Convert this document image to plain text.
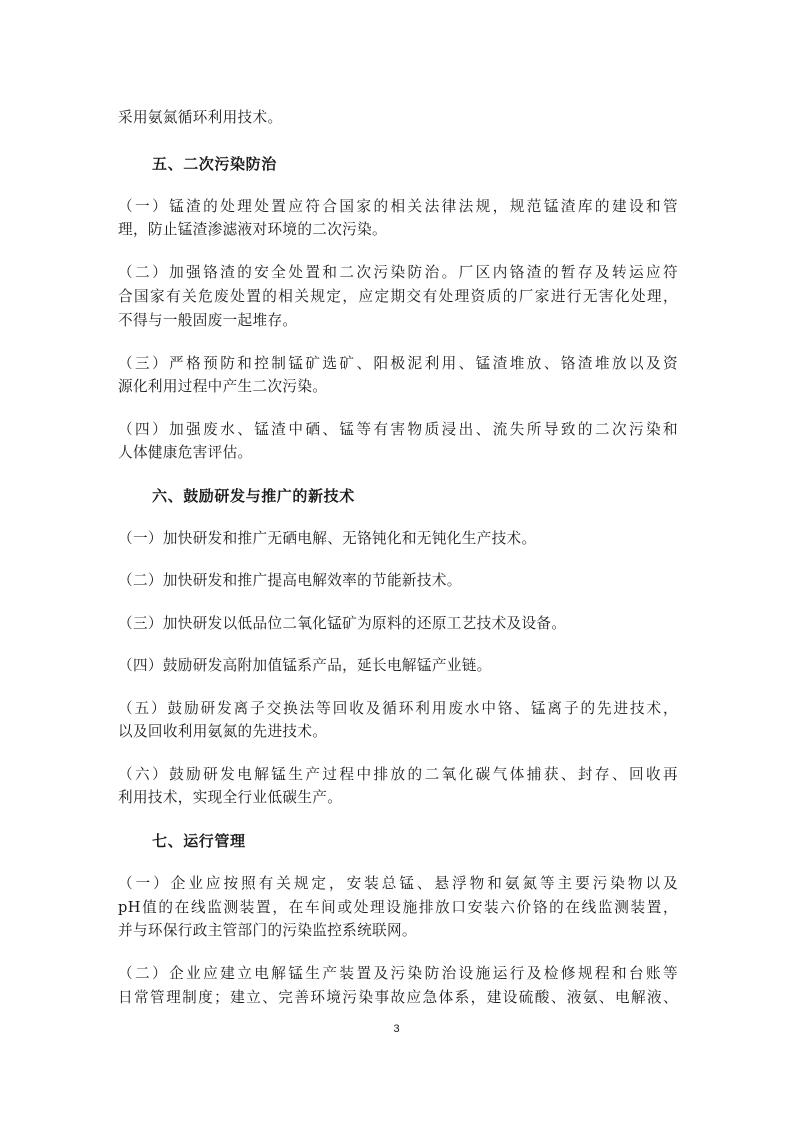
采用氨氮循环利用技术。
五、二次污染防治
（一）锰渣的处理处置应符合国家的相关法律法规，规范锰渣库的建设和管
理，防止锰渣渗滤液对环境的二次污染。
（二）加强铬渣的安全处置和二次污染防治。厂区内铬渣的暂存及转运应符
合国家有关危废处置的相关规定，应定期交有处理资质的厂家进行无害化处理，
不得与一般固废一起堆存。
（三）严格预防和控制锰矿选矿、阳极泥利用、锰渣堆放、铬渣堆放以及资
源化利用过程中产生二次污染。
（四）加强废水、锰渣中硒、锰等有害物质浸出、流失所导致的二次污染和
人体健康危害评估。
六、鼓励研发与推广的新技术
（一）加快研发和推广无硒电解、无铬钝化和无钝化生产技术。
（二）加快研发和推广提高电解效率的节能新技术。
（三）加快研发以低品位二氧化锰矿为原料的还原工艺技术及设备。
（四）鼓励研发高附加值锰系产品，延长电解锰产业链。
（五）鼓励研发离子交换法等回收及循环利用废水中铬、锰离子的先进技术，
以及回收利用氨氮的先进技术。
（六）鼓励研发电解锰生产过程中排放的二氧化碳气体捕获、封存、回收再
利用技术，实现全行业低碳生产。
七、运行管理
（一）企业应按照有关规定，安装总锰、悬浮物和氨氮等主要污染物以及
pH值的在线监测装置，在车间或处理设施排放口安装六价铬的在线监测装置，
并与环保行政主管部门的污染监控系统联网。
（二）企业应建立电解锰生产装置及污染防治设施运行及检修规程和台账等
日常管理制度；建立、完善环境污染事故应急体系，建设硫酸、液氨、电解液、
3
